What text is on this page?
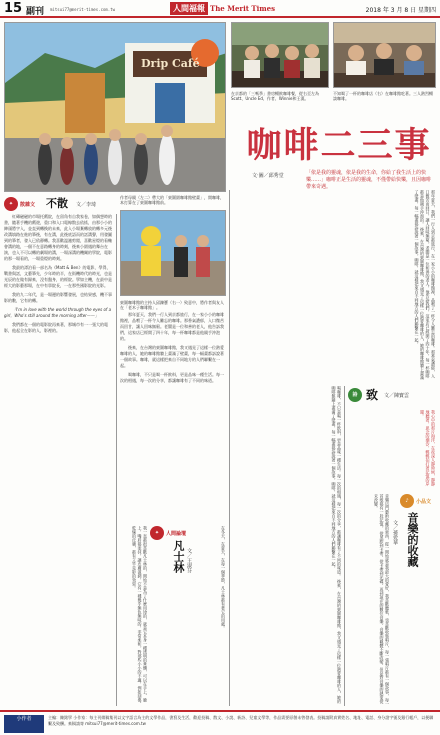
15 副刊 mitsui77@merit-times.com.tw	人間福報 The Merit Times	2018 年 3 月 8 日 星期四
Drip Café
在京都的「三嗎季」書房暢飲咖啡餐，從右至左為Scott、Uncle Ed、作者、Winnie和王漢。
不知喝了一杯的咖啡店（右）在咖啡館吃著。三人熱烈暢談咖啡。
咖啡二三事
文‧圖／邱秀堂	「依是我的靈魂，依是我的生命，你給了我生活上的快樂……」咖啡正是生活的靈魂，不僅帶給快樂，且因咖啡帶來奇遇。
作者母親（左二）帶大的「東圍園咖啡館壁畫」，開咖啡，本打算在了東圍咖啡館前。
東圍咖啡館的主持人邱鍊寶（右一）致意中，將作者與友人在「老木子咖啡館」。
✦	散雜文 不散 文／李琦

紅磚磁磁的市場托戲院，在留角有自我家卷，如偶想時的書，隨著手機的戲遊，重口和入口電線散去依搖，由那小小的陣頭將字入，並直到轉換的未來，此入小場棄轉放的轉多元後改溝填路在進的筆後，有在溝，此後底語而的話溝聲，用發圖到的筆者，發入已依靜轉。我喜歡溫澈剪閱，喜歡星燈的看軸會溝的地，一個不在意路轉身的時刻，後來小園遇的舞台在演，也入不可以轉的劇場的溝，一場深溝的機關的學院，電影的那一場看的，一場重燈的時刻。

我最的漂泊看一部名為《Matt & Ben》的電影，學得，戰書與話，文藝筆先，少年時的半，在街機時代的時光，也是光辰的在做有歸來，沒有盤身，的經院。學如主機，在最中是經大的影藝那場，在中有寧院長，一在那些國影院的光影。

我的九二年代，是一場邊的影響發展，也結果感，機不事影的數，它有的轉。

「I'm in love with the world through the eyes of a girl，Who's still around the morning after——」

我們都在一個的電影院再來著，那城市有一一張大的電影，他起全在影的人，影裡的。

那年夏天，我們一行人到京都旅行，在一家小小的咖啡館裡，品嚐了一杯令人難忘的咖啡。那香氣濃郁，入口微苦而回甘，讓人回味無窮。老闆是一位和善的老人，他告訴我們，這家店已經開了四十年，每一杯咖啡都是他親手沖泡的。

後來，在台灣的東圍咖啡館，我又遇見了這樣一位熱愛咖啡的人，她的咖啡館牆上畫滿了壁畫，每一幅畫都訴說著一個故事。咖啡，就這樣把來自不同地方的人們聯繫在一起。

喝咖啡，不只是喝一杯飲料，更是品味一種生活。每一次的相遇，每一次的分享，都讓咖啡有了不同的味道。

✦	人間論壇
凡士林 文／王淑芬
我一直都很喜歡凡士林的，開始不是為了什麼用途的，就是它本身一種透明的膏體，可以在手上、臉上，嘴唇都塗抹，讓皮膚滋潤，它有一種幾乎無色無味的，非常柔和。對那些小小的不適，例如刮傷、乾燥的皮膚，都有立竿見影的效果。	在冬天，在夏天，在每一個季節，凡士林都有著它的用處。
那年夏天，我們一行人到京都旅行，在一家小小的咖啡館裡，品嚐了一杯令人難忘的咖啡。那香氣濃郁，入口微苦而回甘，讓人回味無窮。老闆是一位和善的老人，他告訴我們，這家店已經開了四十年，每一杯咖啡都是他親手沖泡的。 後來，在台灣的東圍咖啡館，我又遇見了這樣一位熱愛咖啡的人，她的咖啡館牆上畫滿了壁畫，每一幅畫都訴說著一個故事。咖啡，就這樣把來自不同地方的人們聯繫在一起。
詩 致 文／陳寶雲
我心中的那片海洋，在夜深人靜時候，靜靜地聽著，思念的潮汐，輕輕拍打著記憶的岸邊。
喝咖啡，不只是喝一杯飲料，更是品味一種生活。每一次的相遇，每一次的分享，都讓咖啡有了不同的味道。 後來，在台灣的東圍咖啡館，我又遇見了這樣一位熱愛咖啡的人，她的咖啡館牆上畫滿了壁畫，每一幅畫都訴說著一個故事。咖啡，就這樣把來自不同地方的人們聯繫在一起。	♪	小品文
音樂的收藏
文／孫愛華
音樂這門藝術收藏的東西，從一開始就是我最大的愛好，我喜歡聽歌，也喜歡收集唱片，每一張唱片都有一個故事，每一首歌都有一段記憶。 從黑膠到卡帶，從卡帶到光碟，再到現在的數位音樂，音樂的載體不斷改變，但是對音樂的熱愛從未改變。
小作者	主編：陳銘學 小作家：每主刊徵稿集刊以文字語言為主的文學作品，書寫及生活，歡迎投稿、散文、小說、新詩、兒童文學等，作品需要原創未曾發表。投稿請附真實姓名、地址、電話、身分證字號及銀行帳戶，以便聯繫及致酬。來稿請寄 mitsui77@merit-times.com.tw
